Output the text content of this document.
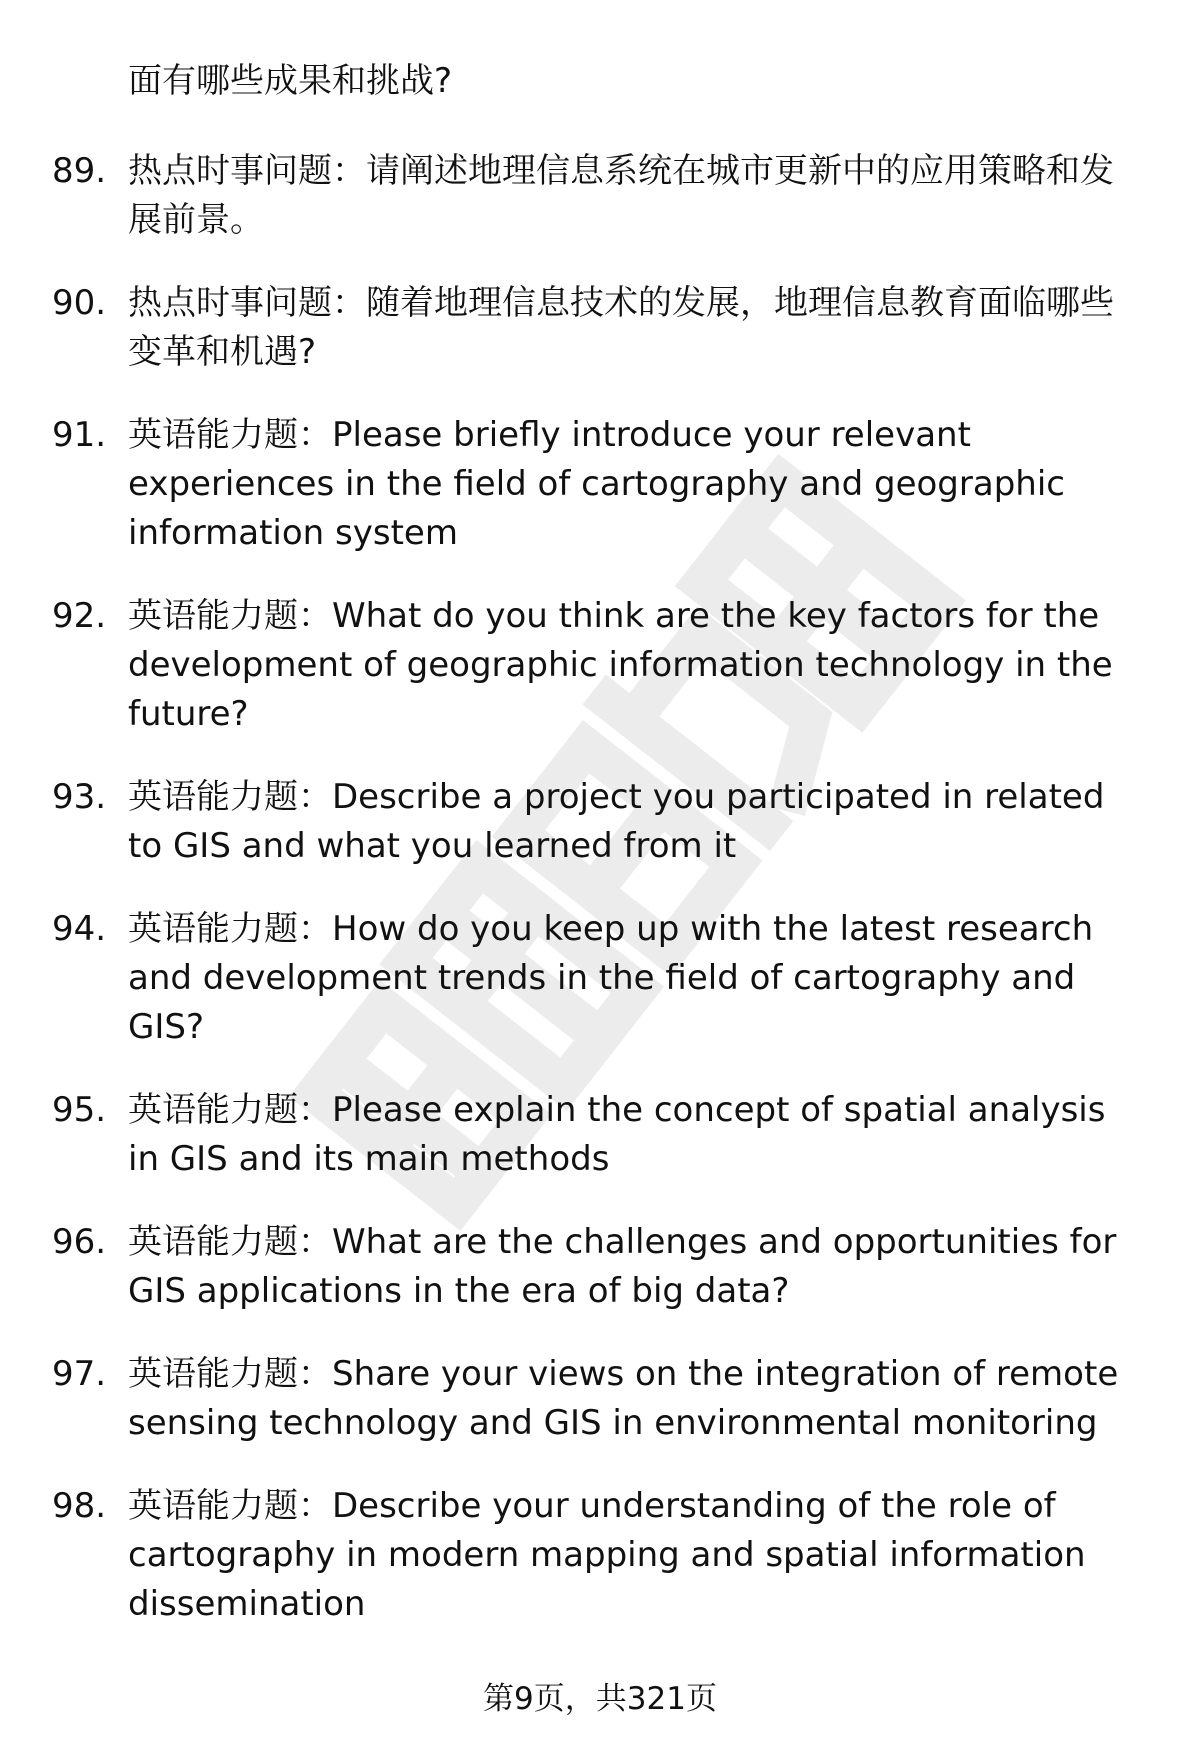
面有哪些成果和挑战?
89. 热点时事问题：请阐述地理信息系统在城市更新中的应用策略和发展前景。
90. 热点时事问题：随着地理信息技术的发展，地理信息教育面临哪些变革和机遇?
91. 英语能力题：Please briefly introduce your relevant experiences in the field of cartography and geographic information system
92. 英语能力题：What do you think are the key factors for the development of geographic information technology in the future?
93. 英语能力题：Describe a project you participated in related to GIS and what you learned from it
94. 英语能力题：How do you keep up with the latest research and development trends in the field of cartography and GIS?
95. 英语能力题：Please explain the concept of spatial analysis in GIS and its main methods
96. 英语能力题：What are the challenges and opportunities for GIS applications in the era of big data?
97. 英语能力题：Share your views on the integration of remote sensing technology and GIS in environmental monitoring
98. 英语能力题：Describe your understanding of the role of cartography in modern mapping and spatial information dissemination
第9页，共321页
